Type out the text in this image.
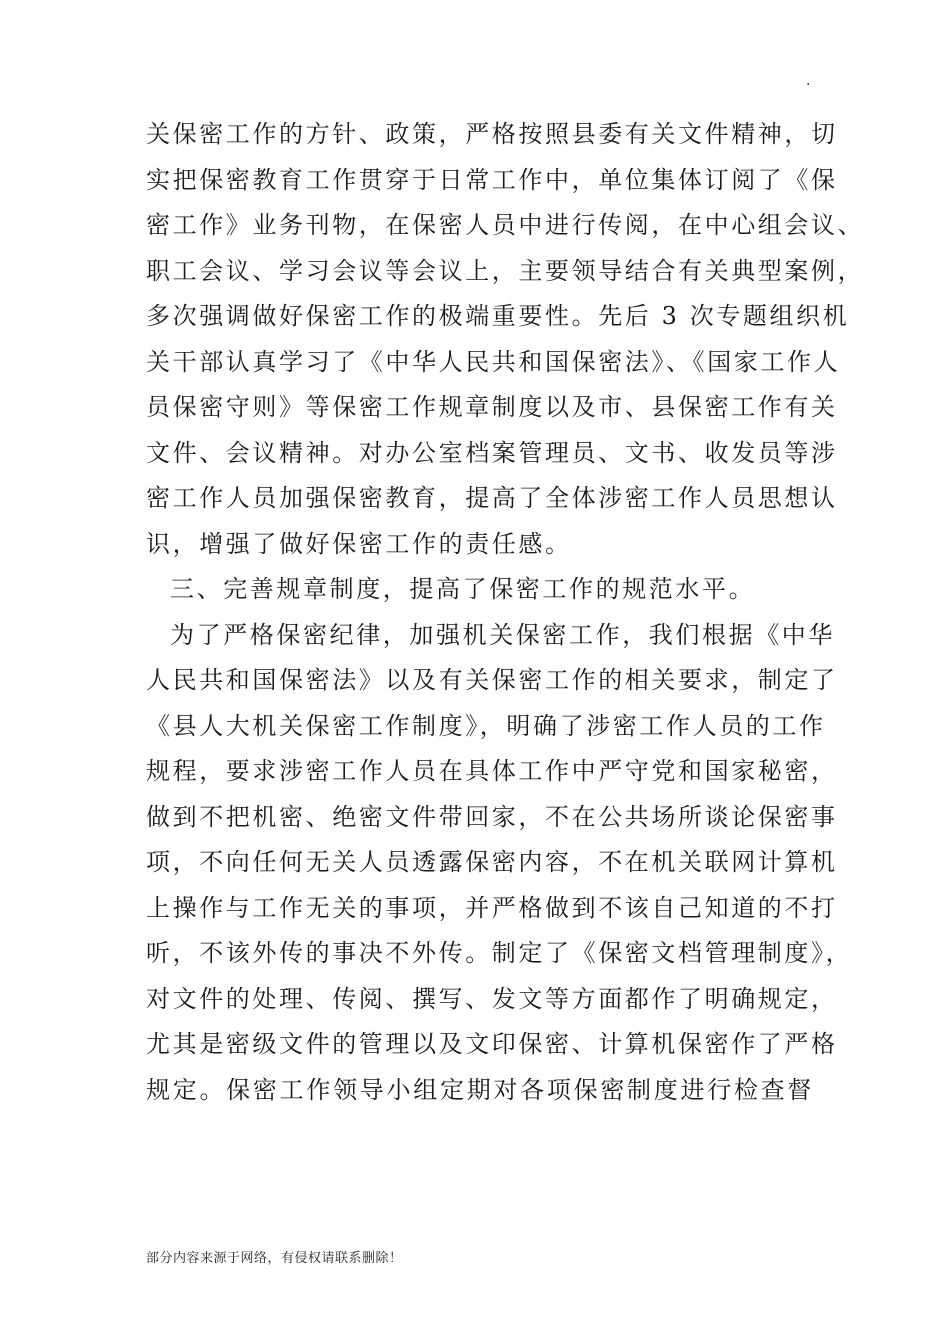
.
关保密工作的方针、政策，严格按照县委有关文件精神，切
实把保密教育工作贯穿于日常工作中，单位集体订阅了《保
密工作》业务刊物，在保密人员中进行传阅，在中心组会议、
职工会议、学习会议等会议上，主要领导结合有关典型案例，
多次强调做好保密工作的极端重要性。先后 3 次专题组织机
关干部认真学习了《中华人民共和国保密法》、《国家工作人
员保密守则》等保密工作规章制度以及市、县保密工作有关
文件、会议精神。对办公室档案管理员、文书、收发员等涉
密工作人员加强保密教育，提高了全体涉密工作人员思想认
识，增强了做好保密工作的责任感。
三、完善规章制度，提高了保密工作的规范水平。
为了严格保密纪律，加强机关保密工作，我们根据《中华
人民共和国保密法》以及有关保密工作的相关要求，制定了
《县人大机关保密工作制度》，明确了涉密工作人员的工作
规程，要求涉密工作人员在具体工作中严守党和国家秘密，
做到不把机密、绝密文件带回家，不在公共场所谈论保密事
项，不向任何无关人员透露保密内容，不在机关联网计算机
上操作与工作无关的事项，并严格做到不该自己知道的不打
听，不该外传的事决不外传。制定了《保密文档管理制度》，
对文件的处理、传阅、撰写、发文等方面都作了明确规定，
尤其是密级文件的管理以及文印保密、计算机保密作了严格
规定。保密工作领导小组定期对各项保密制度进行检查督
部分内容来源于网络，有侵权请联系删除！
